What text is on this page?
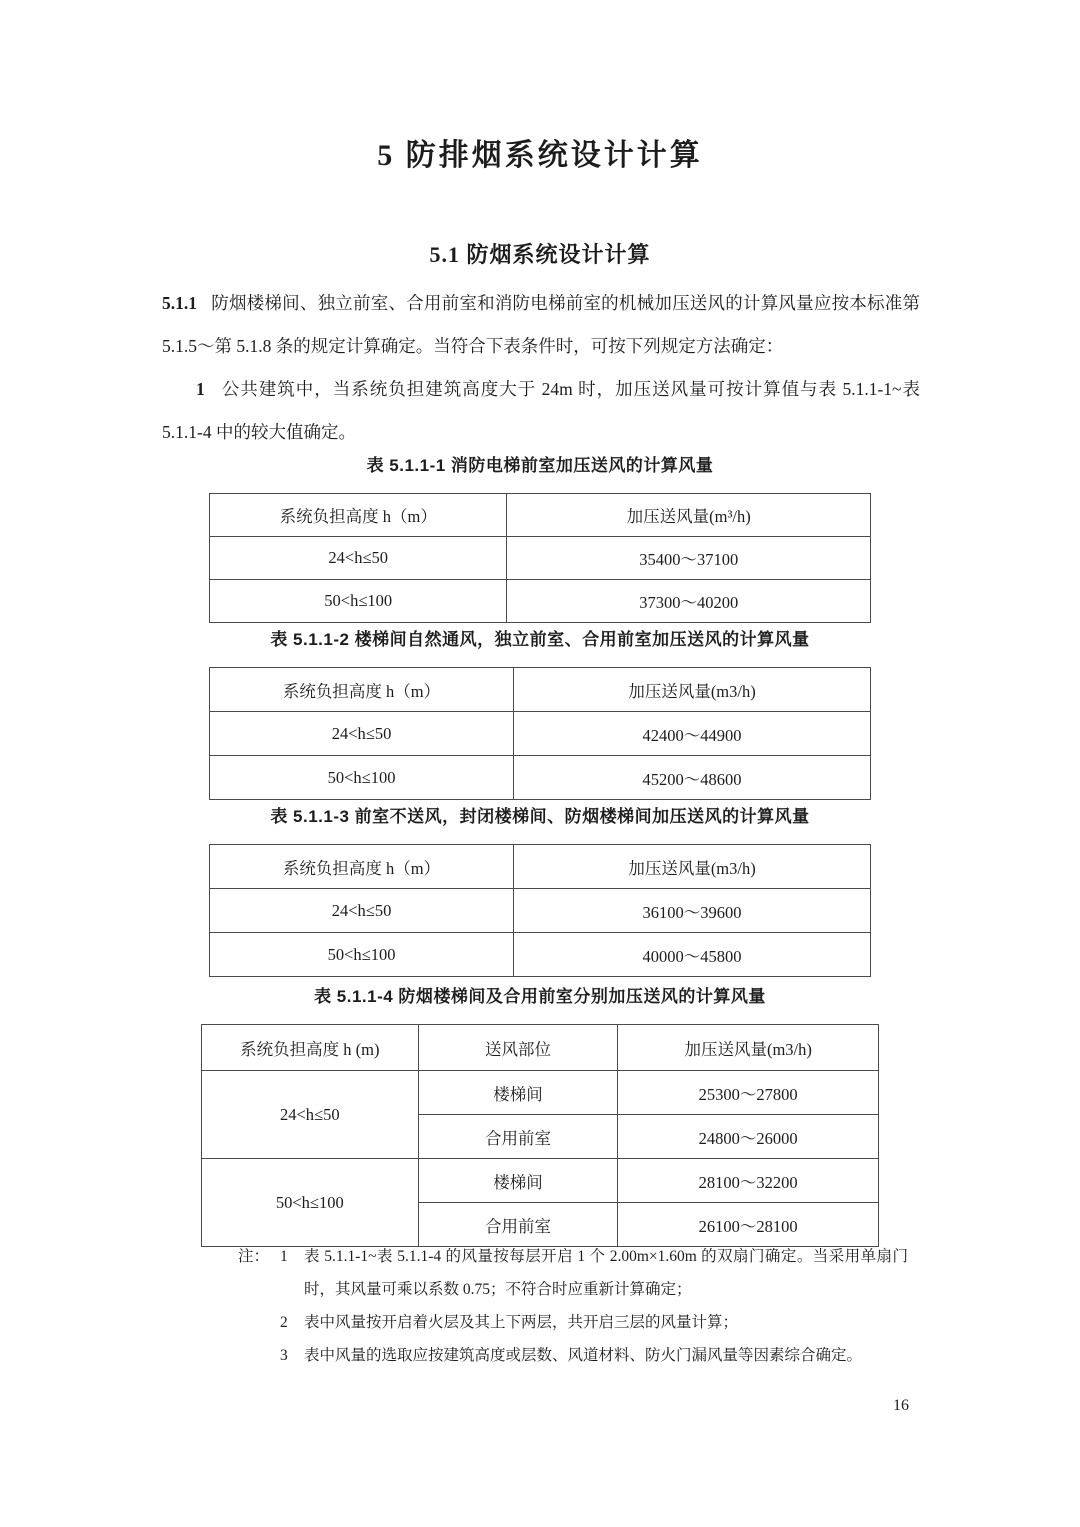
5 防排烟系统设计计算
5.1 防烟系统设计计算

5.1.1 防烟楼梯间、独立前室、合用前室和消防电梯前室的机械加压送风的计算风量应按本标准第 5.1.5～第 5.1.8 条的规定计算确定。当符合下表条件时，可按下列规定方法确定：

1 公共建筑中，当系统负担建筑高度大于 24m 时，加压送风量可按计算值与表 5.1.1-1~表 5.1.1-4 中的较大值确定。

表 5.1.1-1 消防电梯前室加压送风的计算风量
系统负担高度 h（m）	加压送风量(m³/h)
24<h≤50	35400～37100
50<h≤100	37300～40200
表 5.1.1-2 楼梯间自然通风，独立前室、合用前室加压送风的计算风量
系统负担高度 h（m）	加压送风量(m3/h)
24<h≤50	42400～44900
50<h≤100	45200～48600
表 5.1.1-3 前室不送风，封闭楼梯间、防烟楼梯间加压送风的计算风量
系统负担高度 h（m）	加压送风量(m3/h)
24<h≤50	36100～39600
50<h≤100	40000～45800
表 5.1.1-4 防烟楼梯间及合用前室分别加压送风的计算风量
系统负担高度 h (m)	送风部位	加压送风量(m3/h)

24<h≤50	楼梯间	25300～27800
	合用前室	24800～26000

50<h≤100	楼梯间	28100～32200
	合用前室	26100～28100
注： 1	表 5.1.1-1~表 5.1.1-4 的风量按每层开启 1 个 2.00m×1.60m 的双扇门确定。当采用单扇门时，其风量可乘以系数 0.75；不符合时应重新计算确定；
2	表中风量按开启着火层及其上下两层，共开启三层的风量计算；
3	表中风量的选取应按建筑高度或层数、风道材料、防火门漏风量等因素综合确定。
16
